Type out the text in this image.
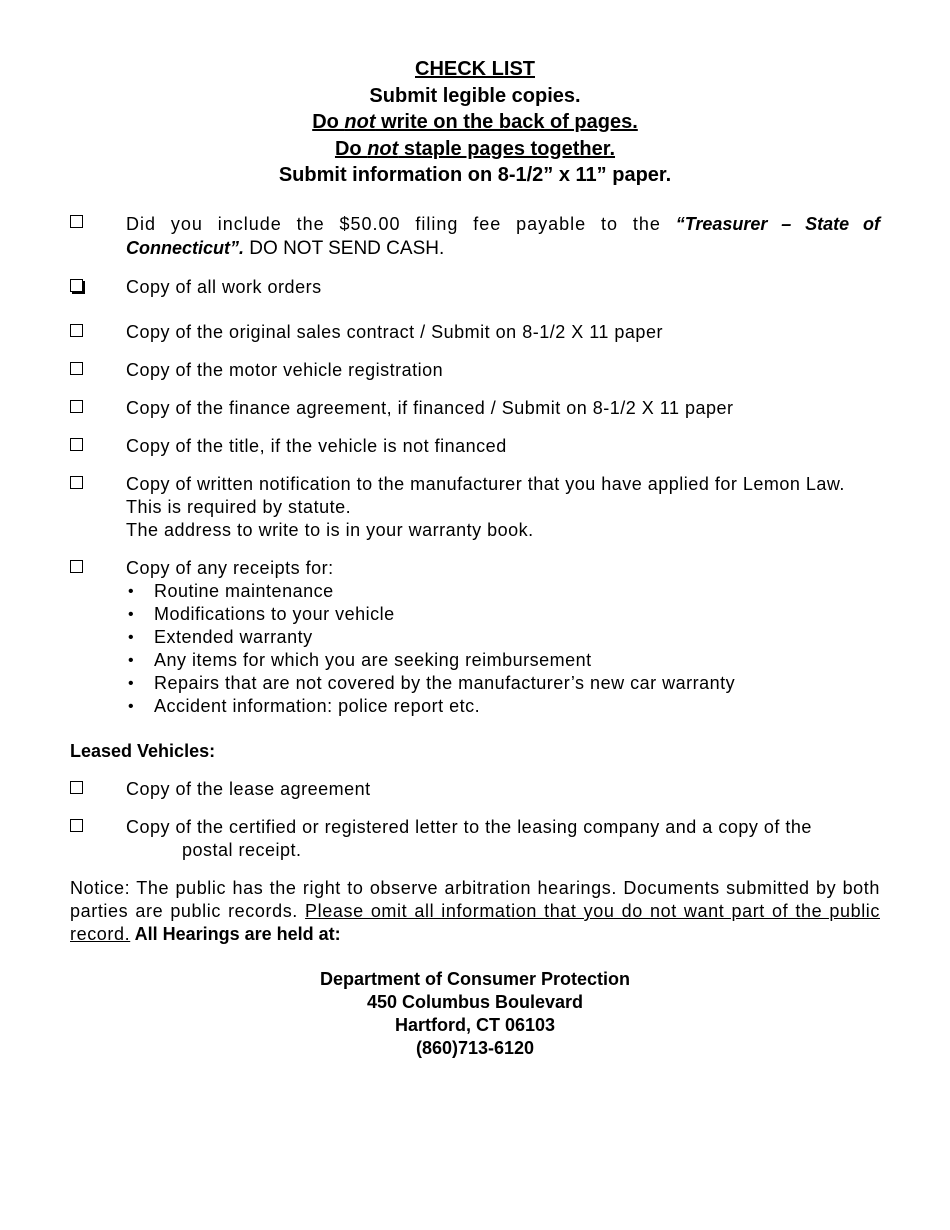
CHECK LIST
Submit legible copies.
Do not write on the back of pages.
Do not staple pages together.
Submit information on 8-1/2” x 11” paper.
Did you include the $50.00 filing fee payable to the “Treasurer – State of Connecticut”. DO NOT SEND CASH.
Copy of all work orders
Copy of the original sales contract / Submit on 8-1/2 X 11 paper
Copy of the motor vehicle registration
Copy of the finance agreement, if financed / Submit on 8-1/2 X 11 paper
Copy of the title, if the vehicle is not financed
Copy of written notification to the manufacturer that you have applied for Lemon Law. This is required by statute.
The address to write to is in your warranty book.
Copy of any receipts for:
• Routine maintenance
• Modifications to your vehicle
• Extended warranty
• Any items for which you are seeking reimbursement
• Repairs that are not covered by the manufacturer’s new car warranty
• Accident information: police report etc.
Leased Vehicles:
Copy of the lease agreement
Copy of the certified or registered letter to the leasing company and a copy of the
postal receipt.
Notice: The public has the right to observe arbitration hearings. Documents submitted by both parties are public records. Please omit all information that you do not want part of the public record. All Hearings are held at:
Department of Consumer Protection
450 Columbus Boulevard
Hartford, CT 06103
(860)713-6120
